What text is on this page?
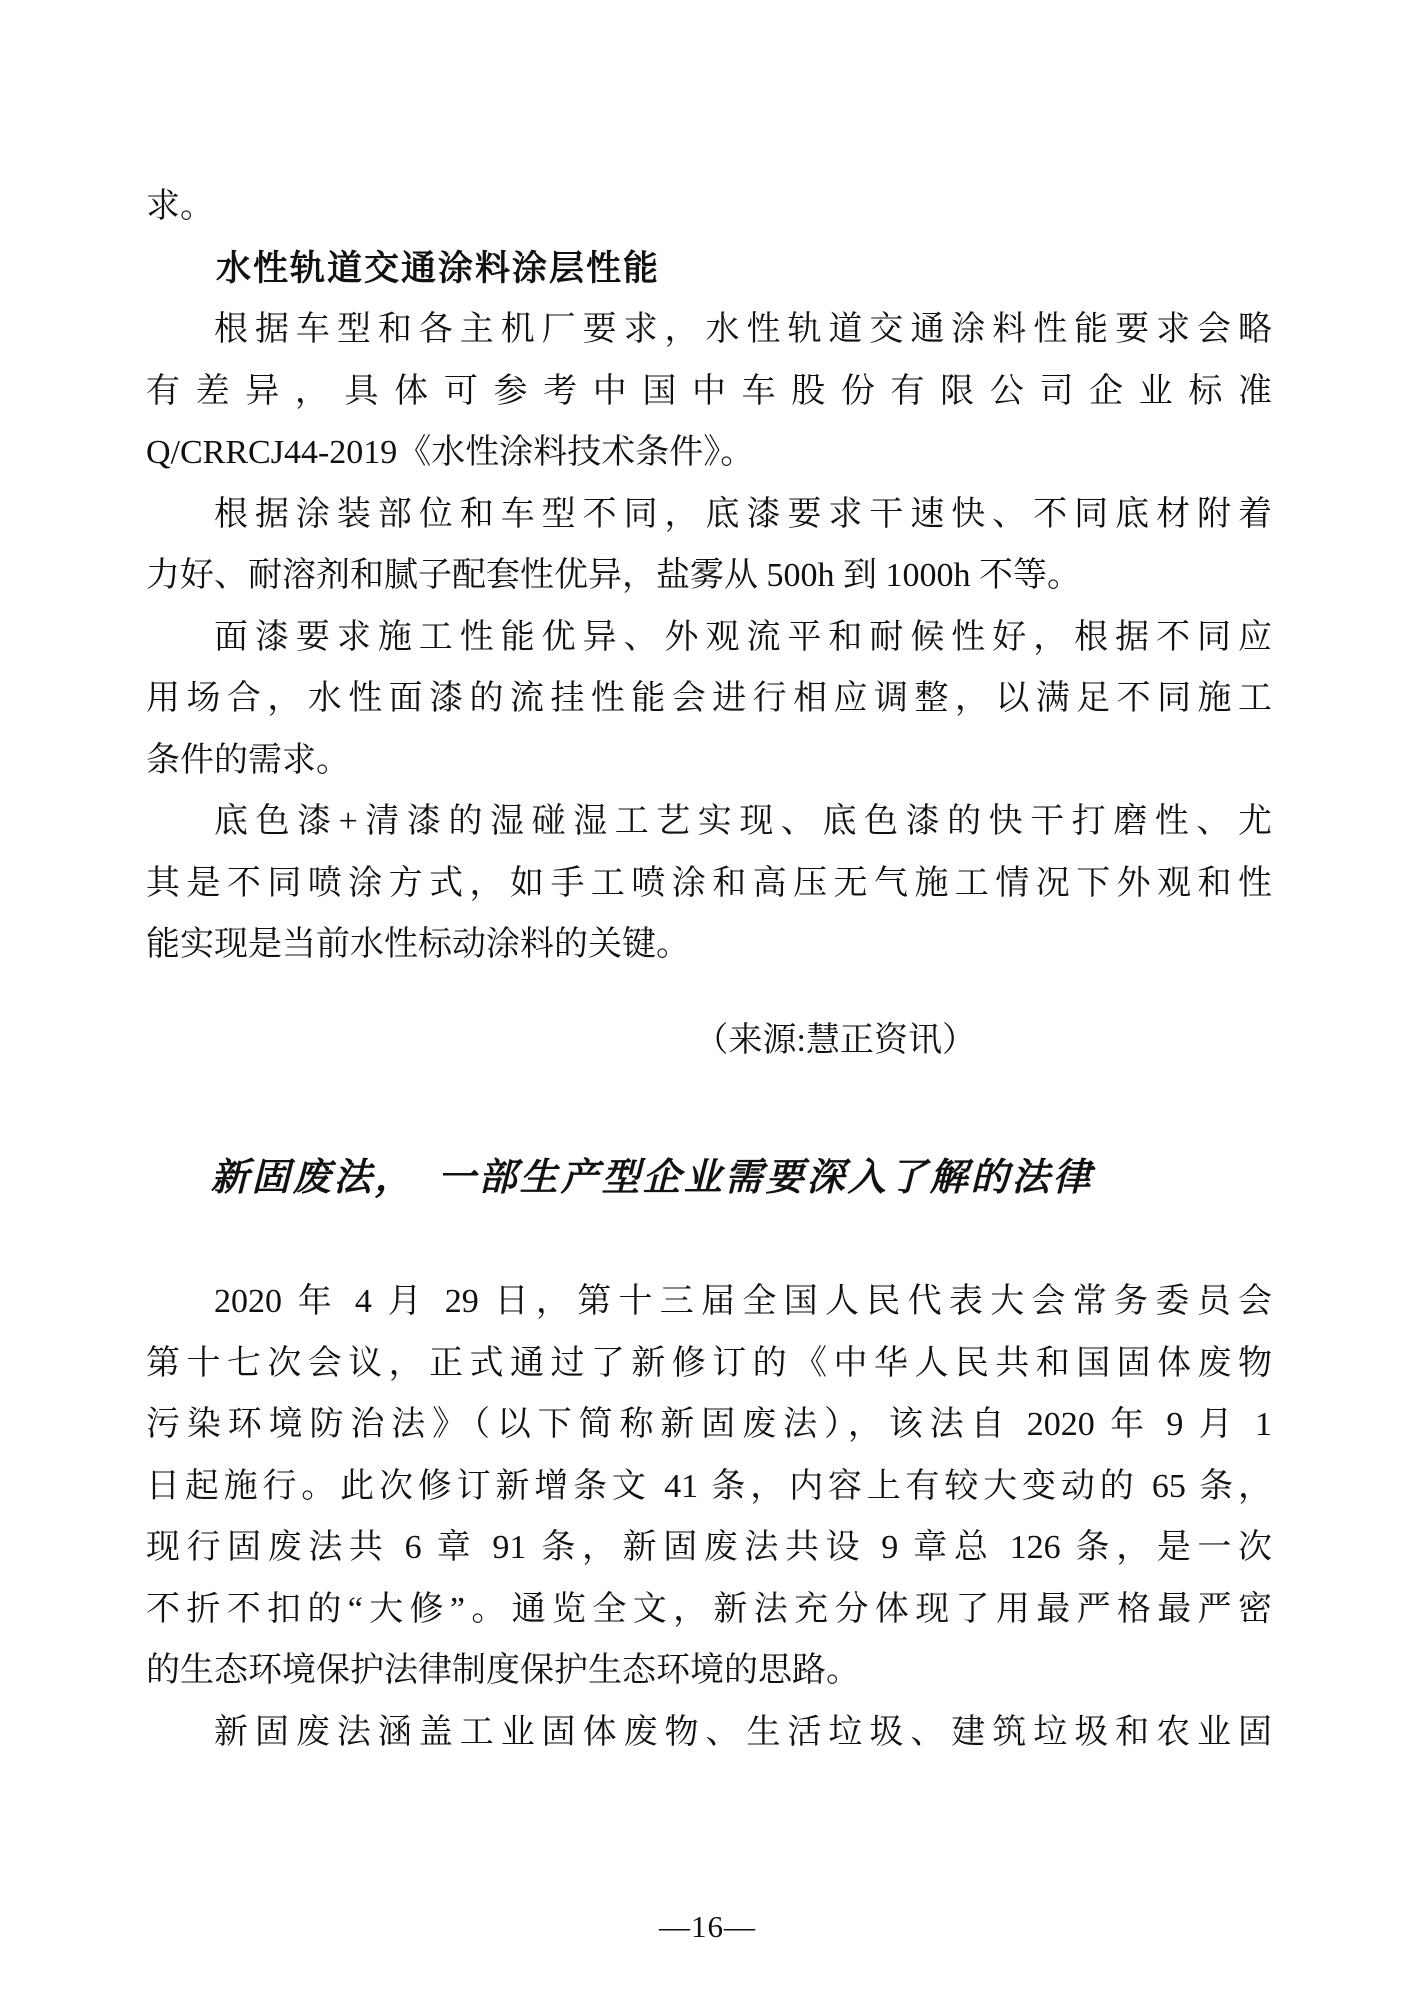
求。
水性轨道交通涂料涂层性能
根据车型和各主机厂要求，水性轨道交通涂料性能要求会略
有差异，具体可参考中国中车股份有限公司企业标准
Q/CRRCJ44-2019《水性涂料技术条件》。
根据涂装部位和车型不同，底漆要求干速快、不同底材附着
力好、耐溶剂和腻子配套性优异，盐雾从 500h 到 1000h 不等。
面漆要求施工性能优异、外观流平和耐候性好，根据不同应
用场合，水性面漆的流挂性能会进行相应调整，以满足不同施工
条件的需求。
底色漆+清漆的湿碰湿工艺实现、底色漆的快干打磨性、尤
其是不同喷涂方式，如手工喷涂和高压无气施工情况下外观和性
能实现是当前水性标动涂料的关键。
（来源:慧正资讯）
新固废法，　一部生产型企业需要深入了解的法律
2020 年 4 月 29 日，第十三届全国人民代表大会常务委员会
第十七次会议，正式通过了新修订的《中华人民共和国固体废物
污染环境防治法》（以下简称新固废法），该法自 2020 年 9 月 1
日起施行。此次修订新增条文 41 条，内容上有较大变动的 65 条，
现行固废法共 6 章 91 条，新固废法共设 9 章总 126 条，是一次
不折不扣的“大修”。通览全文，新法充分体现了用最严格最严密
的生态环境保护法律制度保护生态环境的思路。
新固废法涵盖工业固体废物、生活垃圾、建筑垃圾和农业固
—16—
